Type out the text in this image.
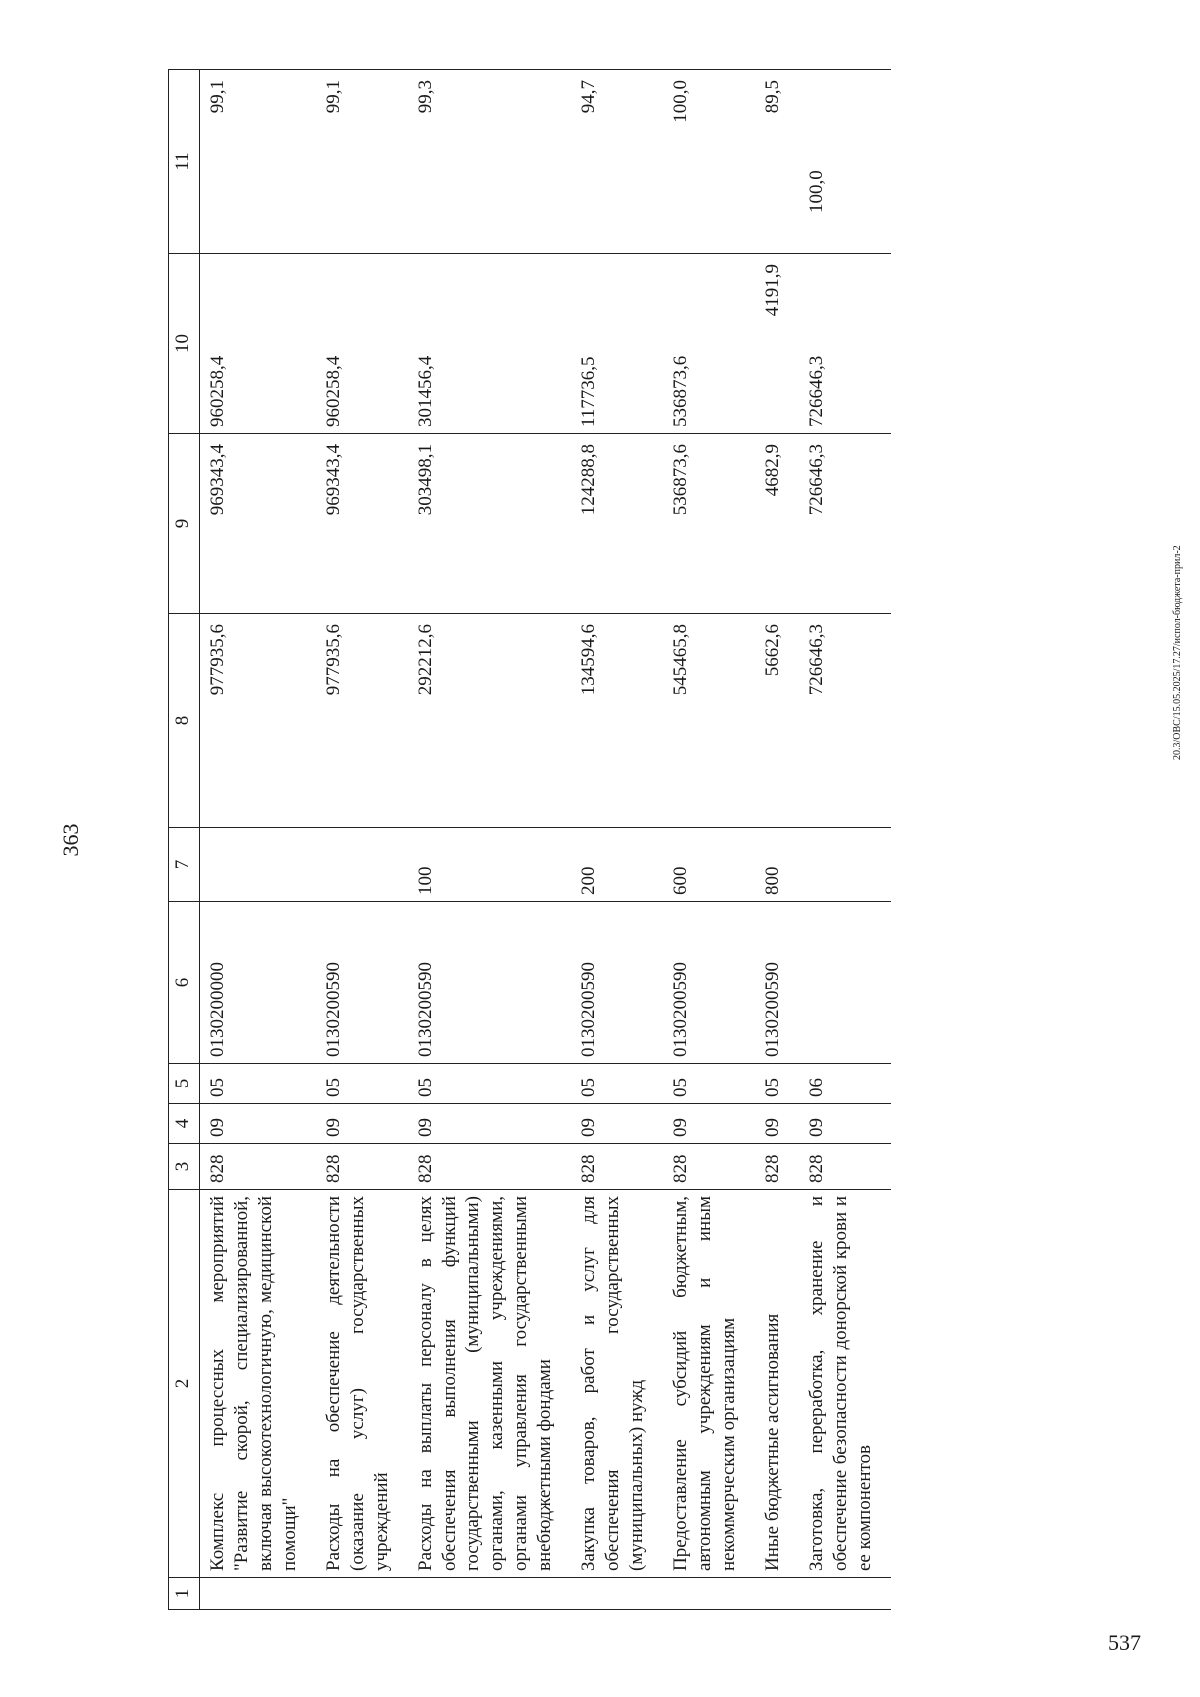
537
20.3/ОВС/15.05.2025/17.27/испол-бюджета-прил-2
363
1	2	3	4	5	6	7	8	9	10	11
	Комплекс процессных мероприятий "Развитие скорой, специализированной, включая высокотехнологичную, медицинской помощи"	828	09	05	0130200000		977935,6	969343,4	960258,4	99,1
	Расходы на обеспечение деятельности (оказание услуг) государственных учреждений	828	09	05	0130200590		977935,6	969343,4	960258,4	99,1
	Расходы на выплаты персоналу в целях обеспечения выполнения функций государственными (муниципальными) органами, казенными учреждениями, органами управления государственными внебюджетными фондами	828	09	05	0130200590	100	292212,6	303498,1	301456,4	99,3
	Закупка товаров, работ и услуг для обеспечения государственных (муниципальных) нужд	828	09	05	0130200590	200	134594,6	124288,8	117736,5	94,7
	Предоставление субсидий бюджетным, автономным учреждениям и иным некоммерческим организациям	828	09	05	0130200590	600	545465,8	536873,6	536873,6	100,0
	Иные бюджетные ассигнования	828	09	05	0130200590	800	5662,6	4682,9	4191,9	89,5
	Заготовка, переработка, хранение и обеспечение безопасности донорской крови и ее компонентов	828	09	06			726646,3	726646,3	726646,3	100,0
